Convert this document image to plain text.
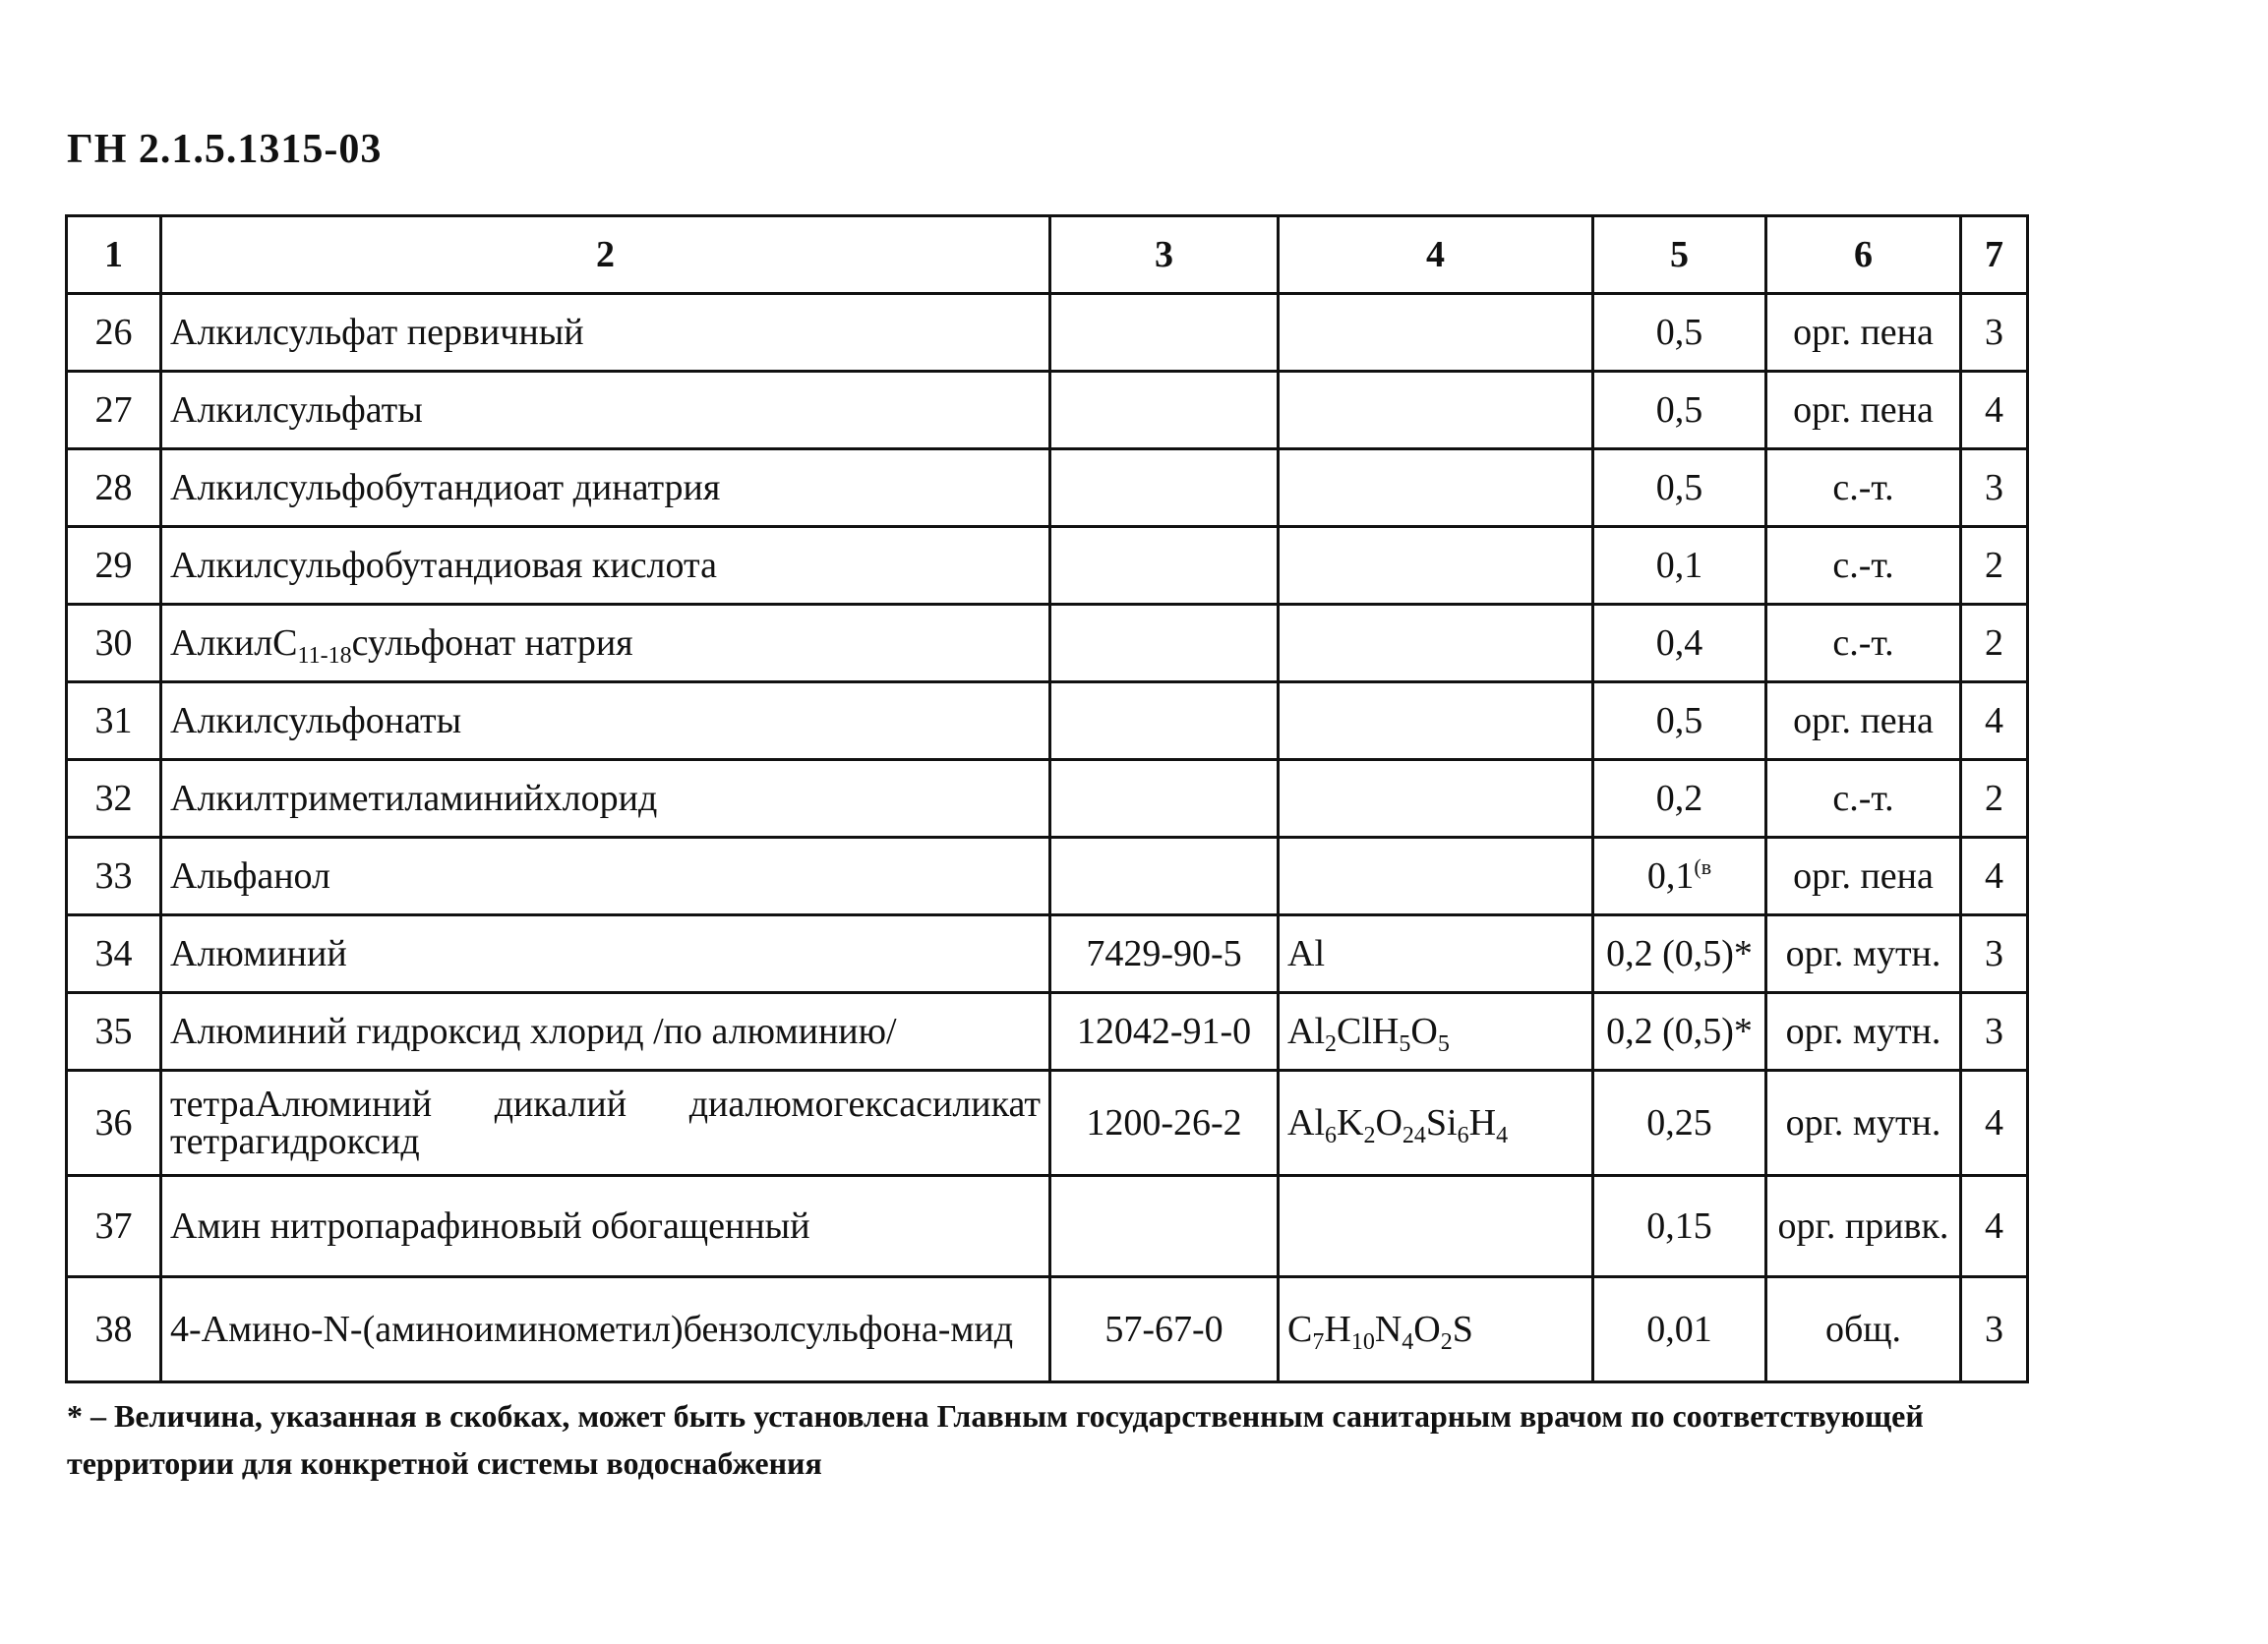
ГН 2.1.5.1315-03
1	2	3	4	5	6	7
26	Алкилсульфат первичный			0,5	орг. пена	3
27	Алкилсульфаты			0,5	орг. пена	4
28	Алкилсульфобутандиоат динатрия			0,5	с.-т.	3
29	Алкилсульфобутандиовая кислота			0,1	с.-т.	2
30	АлкилC$_{11-18}$сульфонат натрия			0,4	с.-т.	2
31	Алкилсульфонаты			0,5	орг. пена	4
32	Алкилтриметиламинийхлорид			0,2	с.-т.	2
33	Альфанол			$0,1^{(в}$	орг. пена	4
34	Алюминий	7429-90-5	Al	0,2 (0,5)*	орг. мутн.	3
35	Алюминий гидроксид хлорид /по алюминию/	12042-91-0	$Al_2ClH_5O_5$	0,2 (0,5)*	орг. мутн.	3
36	тетраАлюминий дикалий диалюмогексасиликат тетрагидроксид	1200-26-2	$Al_6K_2O_{24}Si_6H_4$	0,25	орг. мутн.	4
37	Амин нитропарафиновый обогащенный			0,15	орг. привк.	4
38	4-Амино-N-(аминоиминометил)бензолсульфона-мид	57-67-0	$C_7H_{10}N_4O_2S$	0,01	общ.	3
* – Величина, указанная в скобках, может быть установлена Главным государственным санитарным врачом по соответствующей территории для конкретной системы водоснабжения
